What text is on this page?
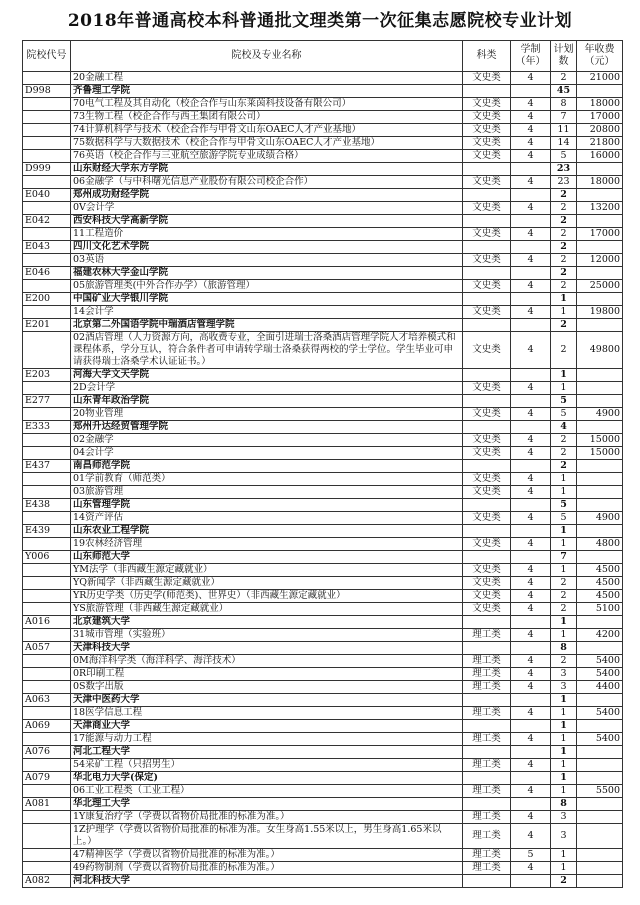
2018年普通高校本科普通批文理类第一次征集志愿院校专业计划
院校代号	院校及专业名称	科类	学制（年）	计划数	年收费（元）
	20金融工程	文史类	4	2	21000
D998	齐鲁理工学院			45	
	70电气工程及其自动化（校企合作与山东莱茵科技设备有限公司）	文史类	4	8	18000
	73生物工程（校企合作与西王集团有限公司）	文史类	4	7	17000
	74计算机科学与技术（校企合作与甲骨文山东OAEC人才产业基地）	文史类	4	11	20800
	75数据科学与大数据技术（校企合作与甲骨文山东OAEC人才产业基地）	文史类	4	14	21800
	76英语（校企合作与三亚航空旅游学院专业成绩合格）	文史类	4	5	16000
D999	山东财经大学东方学院			23	
	06金融学（与中科曙光信息产业股份有限公司校企合作）	文史类	4	23	18000
E040	郑州成功财经学院			2	
	0V会计学	文史类	4	2	13200
E042	西安科技大学高新学院			2	
	11工程造价	文史类	4	2	17000
E043	四川文化艺术学院			2	
	03英语	文史类	4	2	12000
E046	福建农林大学金山学院			2	
	05旅游管理类(中外合作办学）（旅游管理）	文史类	4	2	25000
E200	中国矿业大学银川学院			1	
	14会计学	文史类	4	1	19800
E201	北京第二外国语学院中瑞酒店管理学院			2	
	02酒店管理（人力资源方向，高收费专业，全面引进瑞士洛桑酒店管理学院人才培养模式和课程体系，学分互认，符合条件者可申请转学瑞士洛桑获得两校的学士学位。学生毕业可申请获得瑞士洛桑学术认证证书。）	文史类	4	2	49800
E203	河海大学文天学院			1	
	2D会计学	文史类	4	1	
E277	山东青年政治学院			5	
	20物业管理	文史类	4	5	4900
E333	郑州升达经贸管理学院			4	
	02金融学	文史类	4	2	15000
	04会计学	文史类	4	2	15000
E437	南昌师范学院			2	
	01学前教育（师范类）	文史类	4	1	
	03旅游管理	文史类	4	1	
E438	山东管理学院			5	
	14资产评估	文史类	4	5	4900
E439	山东农业工程学院			1	
	19农林经济管理	文史类	4	1	4800
Y006	山东师范大学			7	
	YM法学（非西藏生源定藏就业）	文史类	4	1	4500
	YQ新闻学（非西藏生源定藏就业）	文史类	4	2	4500
	YR历史学类（历史学(师范类)、世界史）（非西藏生源定藏就业）	文史类	4	2	4500
	YS旅游管理（非西藏生源定藏就业）	文史类	4	2	5100
A016	北京建筑大学			1	
	31城市管理（实验班）	理工类	4	1	4200
A057	天津科技大学			8	
	0M海洋科学类（海洋科学、海洋技术）	理工类	4	2	5400
	0R印刷工程	理工类	4	3	5400
	0S数字出版	理工类	4	3	4400
A063	天津中医药大学			1	
	18医学信息工程	理工类	4	1	5400
A069	天津商业大学			1	
	17能源与动力工程	理工类	4	1	5400
A076	河北工程大学			1	
	54采矿工程（只招男生）	理工类	4	1	
A079	华北电力大学(保定)			1	
	06工业工程类（工业工程）	理工类	4	1	5500
A081	华北理工大学			8	
	1Y康复治疗学（学费以省物价局批准的标准为准。）	理工类	4	3	
	1Z护理学（学费以省物价局批准的标准为准。女生身高1.55米以上，男生身高1.65米以上。）	理工类	4	3	
	47精神医学（学费以省物价局批准的标准为准。）	理工类	5	1	
	49药物制剂（学费以省物价局批准的标准为准。）	理工类	4	1	
A082	河北科技大学			2	
